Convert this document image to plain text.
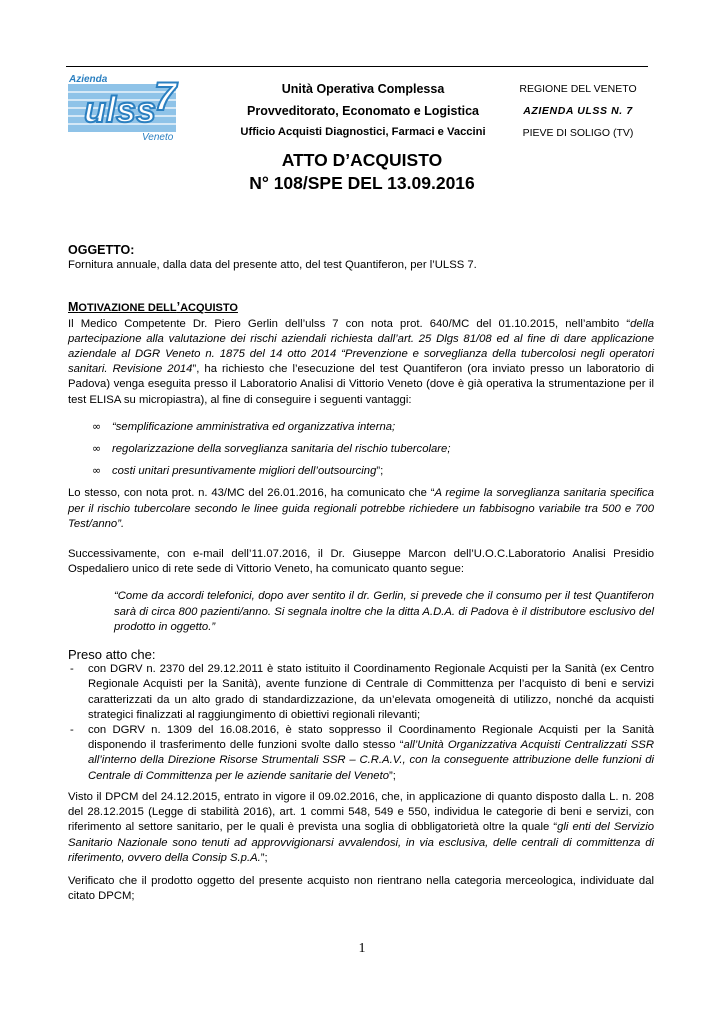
Azienda
ulss
7
Veneto
Unità Operativa Complessa
Provveditorato, Economato e Logistica
Ufficio Acquisti Diagnostici, Farmaci e Vaccini
REGIONE DEL VENETO
AZIENDA ULSS N. 7
PIEVE DI SOLIGO (TV)
ATTO D’ACQUISTO
N° 108/SPE DEL 13.09.2016

OGGETTO:

Fornitura annuale, dalla data del presente atto, del test Quantiferon, per l’ULSS 7.

MOTIVAZIONE DELL’ACQUISTO

Il Medico Competente Dr. Piero Gerlin dell’ulss 7 con nota prot. 640/MC del 01.10.2015, nell’ambito “della partecipazione alla valutazione dei rischi aziendali richiesta dall’art. 25 Dlgs 81/08 ed al fine di dare applicazione aziendale al DGR Veneto n. 1875 del 14 otto 2014 “Prevenzione e sorveglianza della tubercolosi negli operatori sanitari. Revisione 2014”, ha richiesto che l’esecuzione del test Quantiferon (ora inviato presso un laboratorio di Padova) venga eseguita presso il Laboratorio Analisi di Vittorio Veneto (dove è già operativa la strumentazione per il test ELISA su micropiastra), al fine di conseguire i seguenti vantaggi:

∞ “semplificazione amministrativa ed organizzativa interna;
∞ regolarizzazione della sorveglianza sanitaria del rischio tubercolare;
∞ costi unitari presuntivamente migliori dell’outsourcing”;

Lo stesso, con nota prot. n. 43/MC del 26.01.2016, ha comunicato che “A regime la sorveglianza sanitaria specifica per il rischio tubercolare secondo le linee guida regionali potrebbe richiedere un fabbisogno variabile tra 500 e 700 Test/anno”.

Successivamente, con e-mail dell’11.07.2016, il Dr. Giuseppe Marcon dell’U.O.C.Laboratorio Analisi Presidio Ospedaliero unico di rete sede di Vittorio Veneto, ha comunicato quanto segue:

“Come da accordi telefonici, dopo aver sentito il dr. Gerlin, si prevede che il consumo per il test Quantiferon sarà di circa 800 pazienti/anno. Si segnala inoltre che la ditta A.D.A. di Padova è il distributore esclusivo del prodotto in oggetto.”

Preso atto che:

- con DGRV n. 2370 del 29.12.2011 è stato istituito il Coordinamento Regionale Acquisti per la Sanità (ex Centro Regionale Acquisti per la Sanità), avente funzione di Centrale di Committenza per l’acquisto di beni e servizi caratterizzati da un alto grado di standardizzazione, da un’elevata omogeneità di utilizzo, nonché da acquisti strategici finalizzati al raggiungimento di obiettivi regionali rilevanti;

- con DGRV n. 1309 del 16.08.2016, è stato soppresso il Coordinamento Regionale Acquisti per la Sanità disponendo il trasferimento delle funzioni svolte dallo stesso “all’Unità Organizzativa Acquisti Centralizzati SSR all’interno della Direzione Risorse Strumentali SSR – C.R.A.V., con la conseguente attribuzione delle funzioni di Centrale di Committenza per le aziende sanitarie del Veneto”;

Visto il DPCM del 24.12.2015, entrato in vigore il 09.02.2016, che, in applicazione di quanto disposto dalla L. n. 208 del 28.12.2015 (Legge di stabilità 2016), art. 1 commi 548, 549 e 550, individua le categorie di beni e servizi, con riferimento al settore sanitario, per le quali è prevista una soglia di obbligatorietà oltre la quale “gli enti del Servizio Sanitario Nazionale sono tenuti ad approvvigionarsi avvalendosi, in via esclusiva, delle centrali di committenza di riferimento, ovvero della Consip S.p.A.”;

Verificato che il prodotto oggetto del presente acquisto non rientrano nella categoria merceologica, individuate dal citato DPCM;

1
